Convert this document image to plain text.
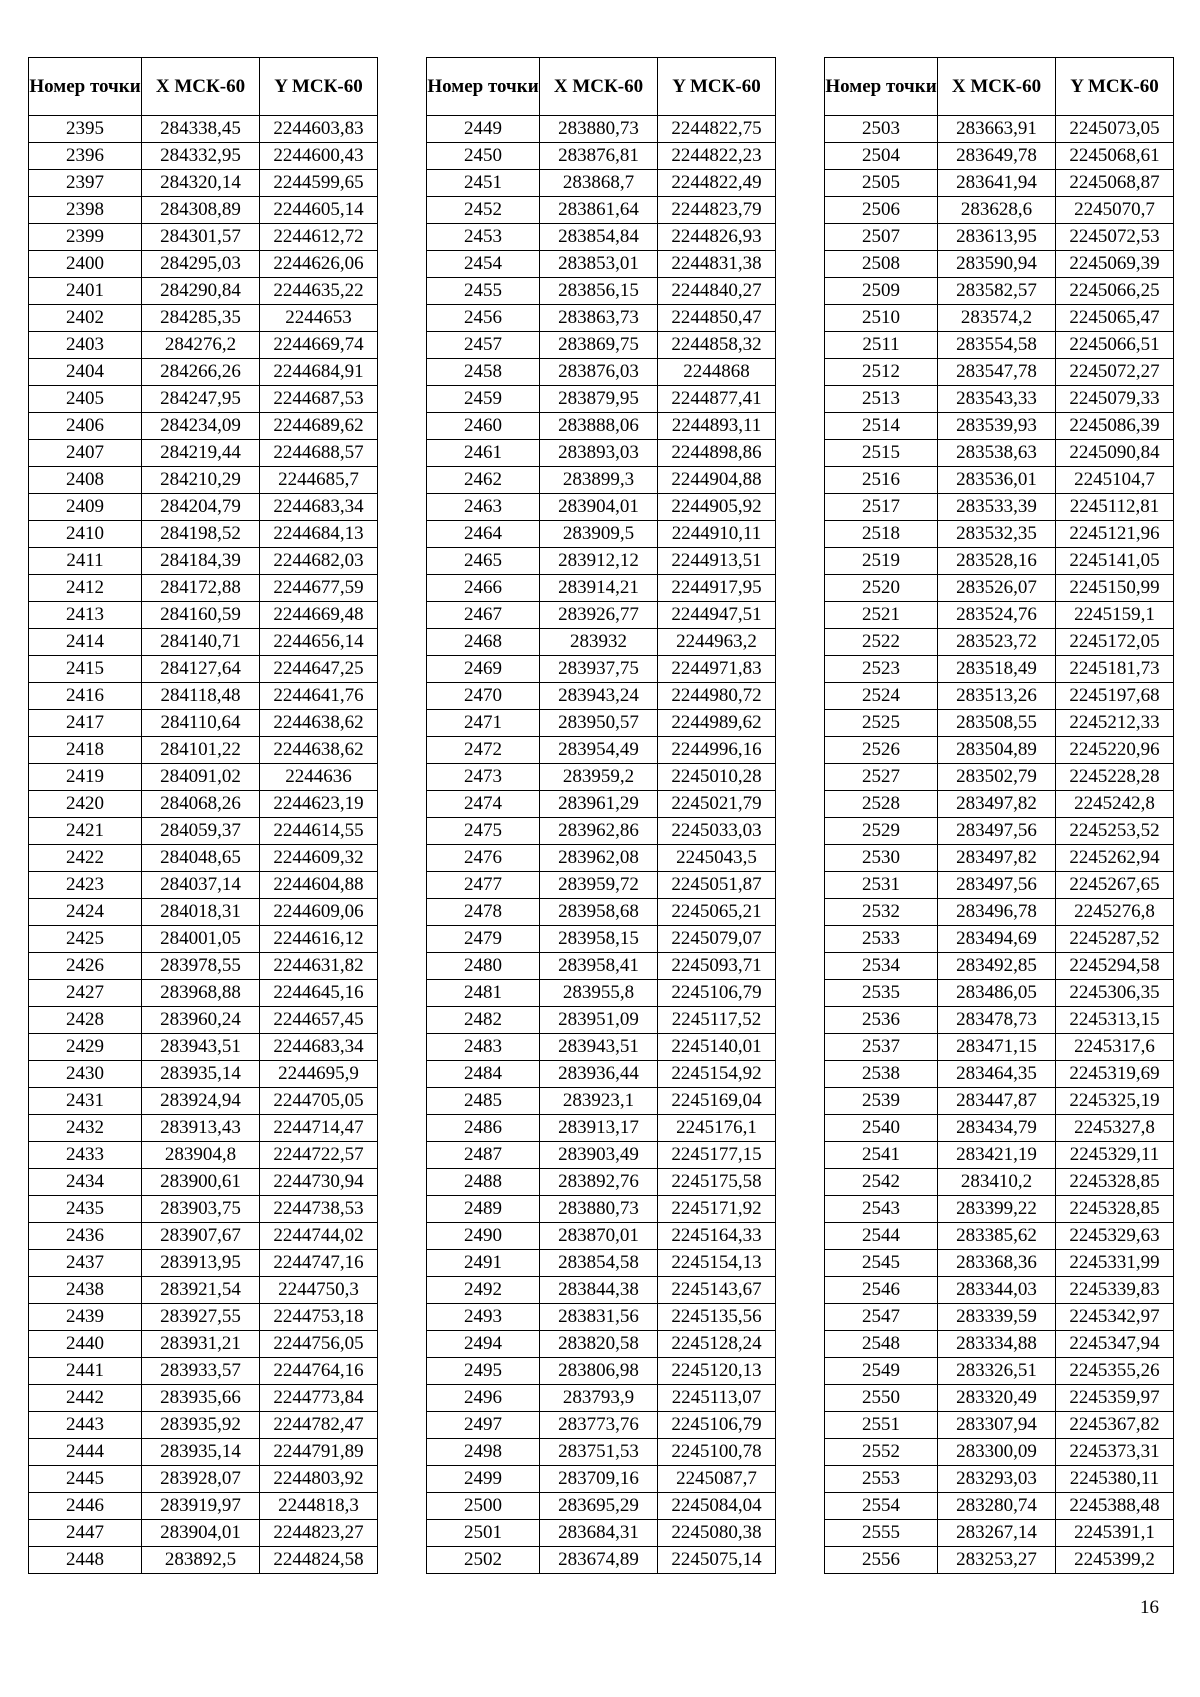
Номер точки	X МСК-60	Y МСК-60
2395	284338,45	2244603,83
2396	284332,95	2244600,43
2397	284320,14	2244599,65
2398	284308,89	2244605,14
2399	284301,57	2244612,72
2400	284295,03	2244626,06
2401	284290,84	2244635,22
2402	284285,35	2244653
2403	284276,2	2244669,74
2404	284266,26	2244684,91
2405	284247,95	2244687,53
2406	284234,09	2244689,62
2407	284219,44	2244688,57
2408	284210,29	2244685,7
2409	284204,79	2244683,34
2410	284198,52	2244684,13
2411	284184,39	2244682,03
2412	284172,88	2244677,59
2413	284160,59	2244669,48
2414	284140,71	2244656,14
2415	284127,64	2244647,25
2416	284118,48	2244641,76
2417	284110,64	2244638,62
2418	284101,22	2244638,62
2419	284091,02	2244636
2420	284068,26	2244623,19
2421	284059,37	2244614,55
2422	284048,65	2244609,32
2423	284037,14	2244604,88
2424	284018,31	2244609,06
2425	284001,05	2244616,12
2426	283978,55	2244631,82
2427	283968,88	2244645,16
2428	283960,24	2244657,45
2429	283943,51	2244683,34
2430	283935,14	2244695,9
2431	283924,94	2244705,05
2432	283913,43	2244714,47
2433	283904,8	2244722,57
2434	283900,61	2244730,94
2435	283903,75	2244738,53
2436	283907,67	2244744,02
2437	283913,95	2244747,16
2438	283921,54	2244750,3
2439	283927,55	2244753,18
2440	283931,21	2244756,05
2441	283933,57	2244764,16
2442	283935,66	2244773,84
2443	283935,92	2244782,47
2444	283935,14	2244791,89
2445	283928,07	2244803,92
2446	283919,97	2244818,3
2447	283904,01	2244823,27
2448	283892,5	2244824,58
Номер точки	X МСК-60	Y МСК-60
2449	283880,73	2244822,75
2450	283876,81	2244822,23
2451	283868,7	2244822,49
2452	283861,64	2244823,79
2453	283854,84	2244826,93
2454	283853,01	2244831,38
2455	283856,15	2244840,27
2456	283863,73	2244850,47
2457	283869,75	2244858,32
2458	283876,03	2244868
2459	283879,95	2244877,41
2460	283888,06	2244893,11
2461	283893,03	2244898,86
2462	283899,3	2244904,88
2463	283904,01	2244905,92
2464	283909,5	2244910,11
2465	283912,12	2244913,51
2466	283914,21	2244917,95
2467	283926,77	2244947,51
2468	283932	2244963,2
2469	283937,75	2244971,83
2470	283943,24	2244980,72
2471	283950,57	2244989,62
2472	283954,49	2244996,16
2473	283959,2	2245010,28
2474	283961,29	2245021,79
2475	283962,86	2245033,03
2476	283962,08	2245043,5
2477	283959,72	2245051,87
2478	283958,68	2245065,21
2479	283958,15	2245079,07
2480	283958,41	2245093,71
2481	283955,8	2245106,79
2482	283951,09	2245117,52
2483	283943,51	2245140,01
2484	283936,44	2245154,92
2485	283923,1	2245169,04
2486	283913,17	2245176,1
2487	283903,49	2245177,15
2488	283892,76	2245175,58
2489	283880,73	2245171,92
2490	283870,01	2245164,33
2491	283854,58	2245154,13
2492	283844,38	2245143,67
2493	283831,56	2245135,56
2494	283820,58	2245128,24
2495	283806,98	2245120,13
2496	283793,9	2245113,07
2497	283773,76	2245106,79
2498	283751,53	2245100,78
2499	283709,16	2245087,7
2500	283695,29	2245084,04
2501	283684,31	2245080,38
2502	283674,89	2245075,14
Номер точки	X МСК-60	Y МСК-60
2503	283663,91	2245073,05
2504	283649,78	2245068,61
2505	283641,94	2245068,87
2506	283628,6	2245070,7
2507	283613,95	2245072,53
2508	283590,94	2245069,39
2509	283582,57	2245066,25
2510	283574,2	2245065,47
2511	283554,58	2245066,51
2512	283547,78	2245072,27
2513	283543,33	2245079,33
2514	283539,93	2245086,39
2515	283538,63	2245090,84
2516	283536,01	2245104,7
2517	283533,39	2245112,81
2518	283532,35	2245121,96
2519	283528,16	2245141,05
2520	283526,07	2245150,99
2521	283524,76	2245159,1
2522	283523,72	2245172,05
2523	283518,49	2245181,73
2524	283513,26	2245197,68
2525	283508,55	2245212,33
2526	283504,89	2245220,96
2527	283502,79	2245228,28
2528	283497,82	2245242,8
2529	283497,56	2245253,52
2530	283497,82	2245262,94
2531	283497,56	2245267,65
2532	283496,78	2245276,8
2533	283494,69	2245287,52
2534	283492,85	2245294,58
2535	283486,05	2245306,35
2536	283478,73	2245313,15
2537	283471,15	2245317,6
2538	283464,35	2245319,69
2539	283447,87	2245325,19
2540	283434,79	2245327,8
2541	283421,19	2245329,11
2542	283410,2	2245328,85
2543	283399,22	2245328,85
2544	283385,62	2245329,63
2545	283368,36	2245331,99
2546	283344,03	2245339,83
2547	283339,59	2245342,97
2548	283334,88	2245347,94
2549	283326,51	2245355,26
2550	283320,49	2245359,97
2551	283307,94	2245367,82
2552	283300,09	2245373,31
2553	283293,03	2245380,11
2554	283280,74	2245388,48
2555	283267,14	2245391,1
2556	283253,27	2245399,2
16
